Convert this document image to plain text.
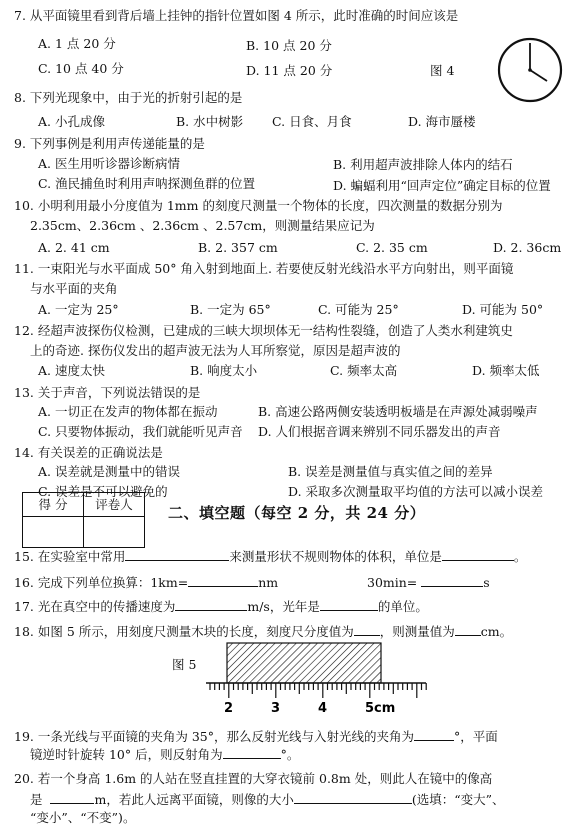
7. 从平面镜里看到背后墙上挂钟的指针位置如图 4 所示，此时准确的时间应该是
A. 1 点 20 分	B. 10 点 20 分
C. 10 点 40 分	D. 11 点 20 分	图 4
8. 下列光现象中，由于光的折射引起的是
A. 小孔成像	B. 水中树影 C. 日食、月食	D. 海市蜃楼
9. 下列事例是利用声传递能量的是
A. 医生用听诊器诊断病情	B. 利用超声波排除人体内的结石
C. 渔民捕鱼时利用声呐探测鱼群的位置	D. 蝙蝠利用“回声定位”确定目标的位置
10. 小明利用最小分度值为 1mm 的刻度尺测量一个物体的长度，四次测量的数据分别为
2.35cm、2.36cm 、2.36cm 、2.57cm，则测量结果应记为
A. 2. 41 cm	B. 2. 357 cm	C. 2. 35 cm	D. 2. 36cm
11. 一束阳光与水平面成 50° 角入射到地面上. 若要使反射光线沿水平方向射出，则平面镜
与水平面的夹角
A. 一定为 25°	B. 一定为 65°	C. 可能为 25°	D. 可能为 50°
12. 经超声波探伤仪检测，已建成的三峡大坝坝体无一结构性裂缝，创造了人类水利建筑史
上的奇迹. 探伤仪发出的超声波无法为人耳所察觉，原因是超声波的
A. 速度太快	B. 响度太小	C. 频率太高	D. 频率太低
13. 关于声音，下列说法错误的是
A. 一切正在发声的物体都在振动	B. 高速公路两侧安装透明板墙是在声源处减弱噪声
C. 只要物体振动，我们就能听见声音 D. 人们根据音调来辨别不同乐器发出的声音
14. 有关误差的正确说法是
A. 误差就是测量中的错误	B. 误差是测量值与真实值之间的差异
C. 误差是不可以避免的	D. 采取多次测量取平均值的方法可以减小误差
得 分	评卷人
	二、填空题（每空 2 分，共 24 分）
15. 在实验室中常用	来测量形状不规则物体的体积，单位是	。
16. 完成下列单位换算：1km=	nm	30min=	s
17. 光在真空中的传播速度为	m/s，光年是	的单位。
18. 如图 5 所示，用刻度尺测量木块的长度，刻度尺分度值为 ，则测量值为 cm。
图 5
2	3	4	5cm
19. 一条光线与平面镜的夹角为 35°，那么反射光线与入射光线的夹角为	°，平面
镜逆时针旋转 10° 后，则反射角为	°。
20. 若一个身高 1.6m 的人站在竖直挂置的大穿衣镜前 0.8m 处，则此人在镜中的像高
是	m，若此人远离平面镜，则像的大小	(选填：“变大”、
“变小”、“不变”)。
